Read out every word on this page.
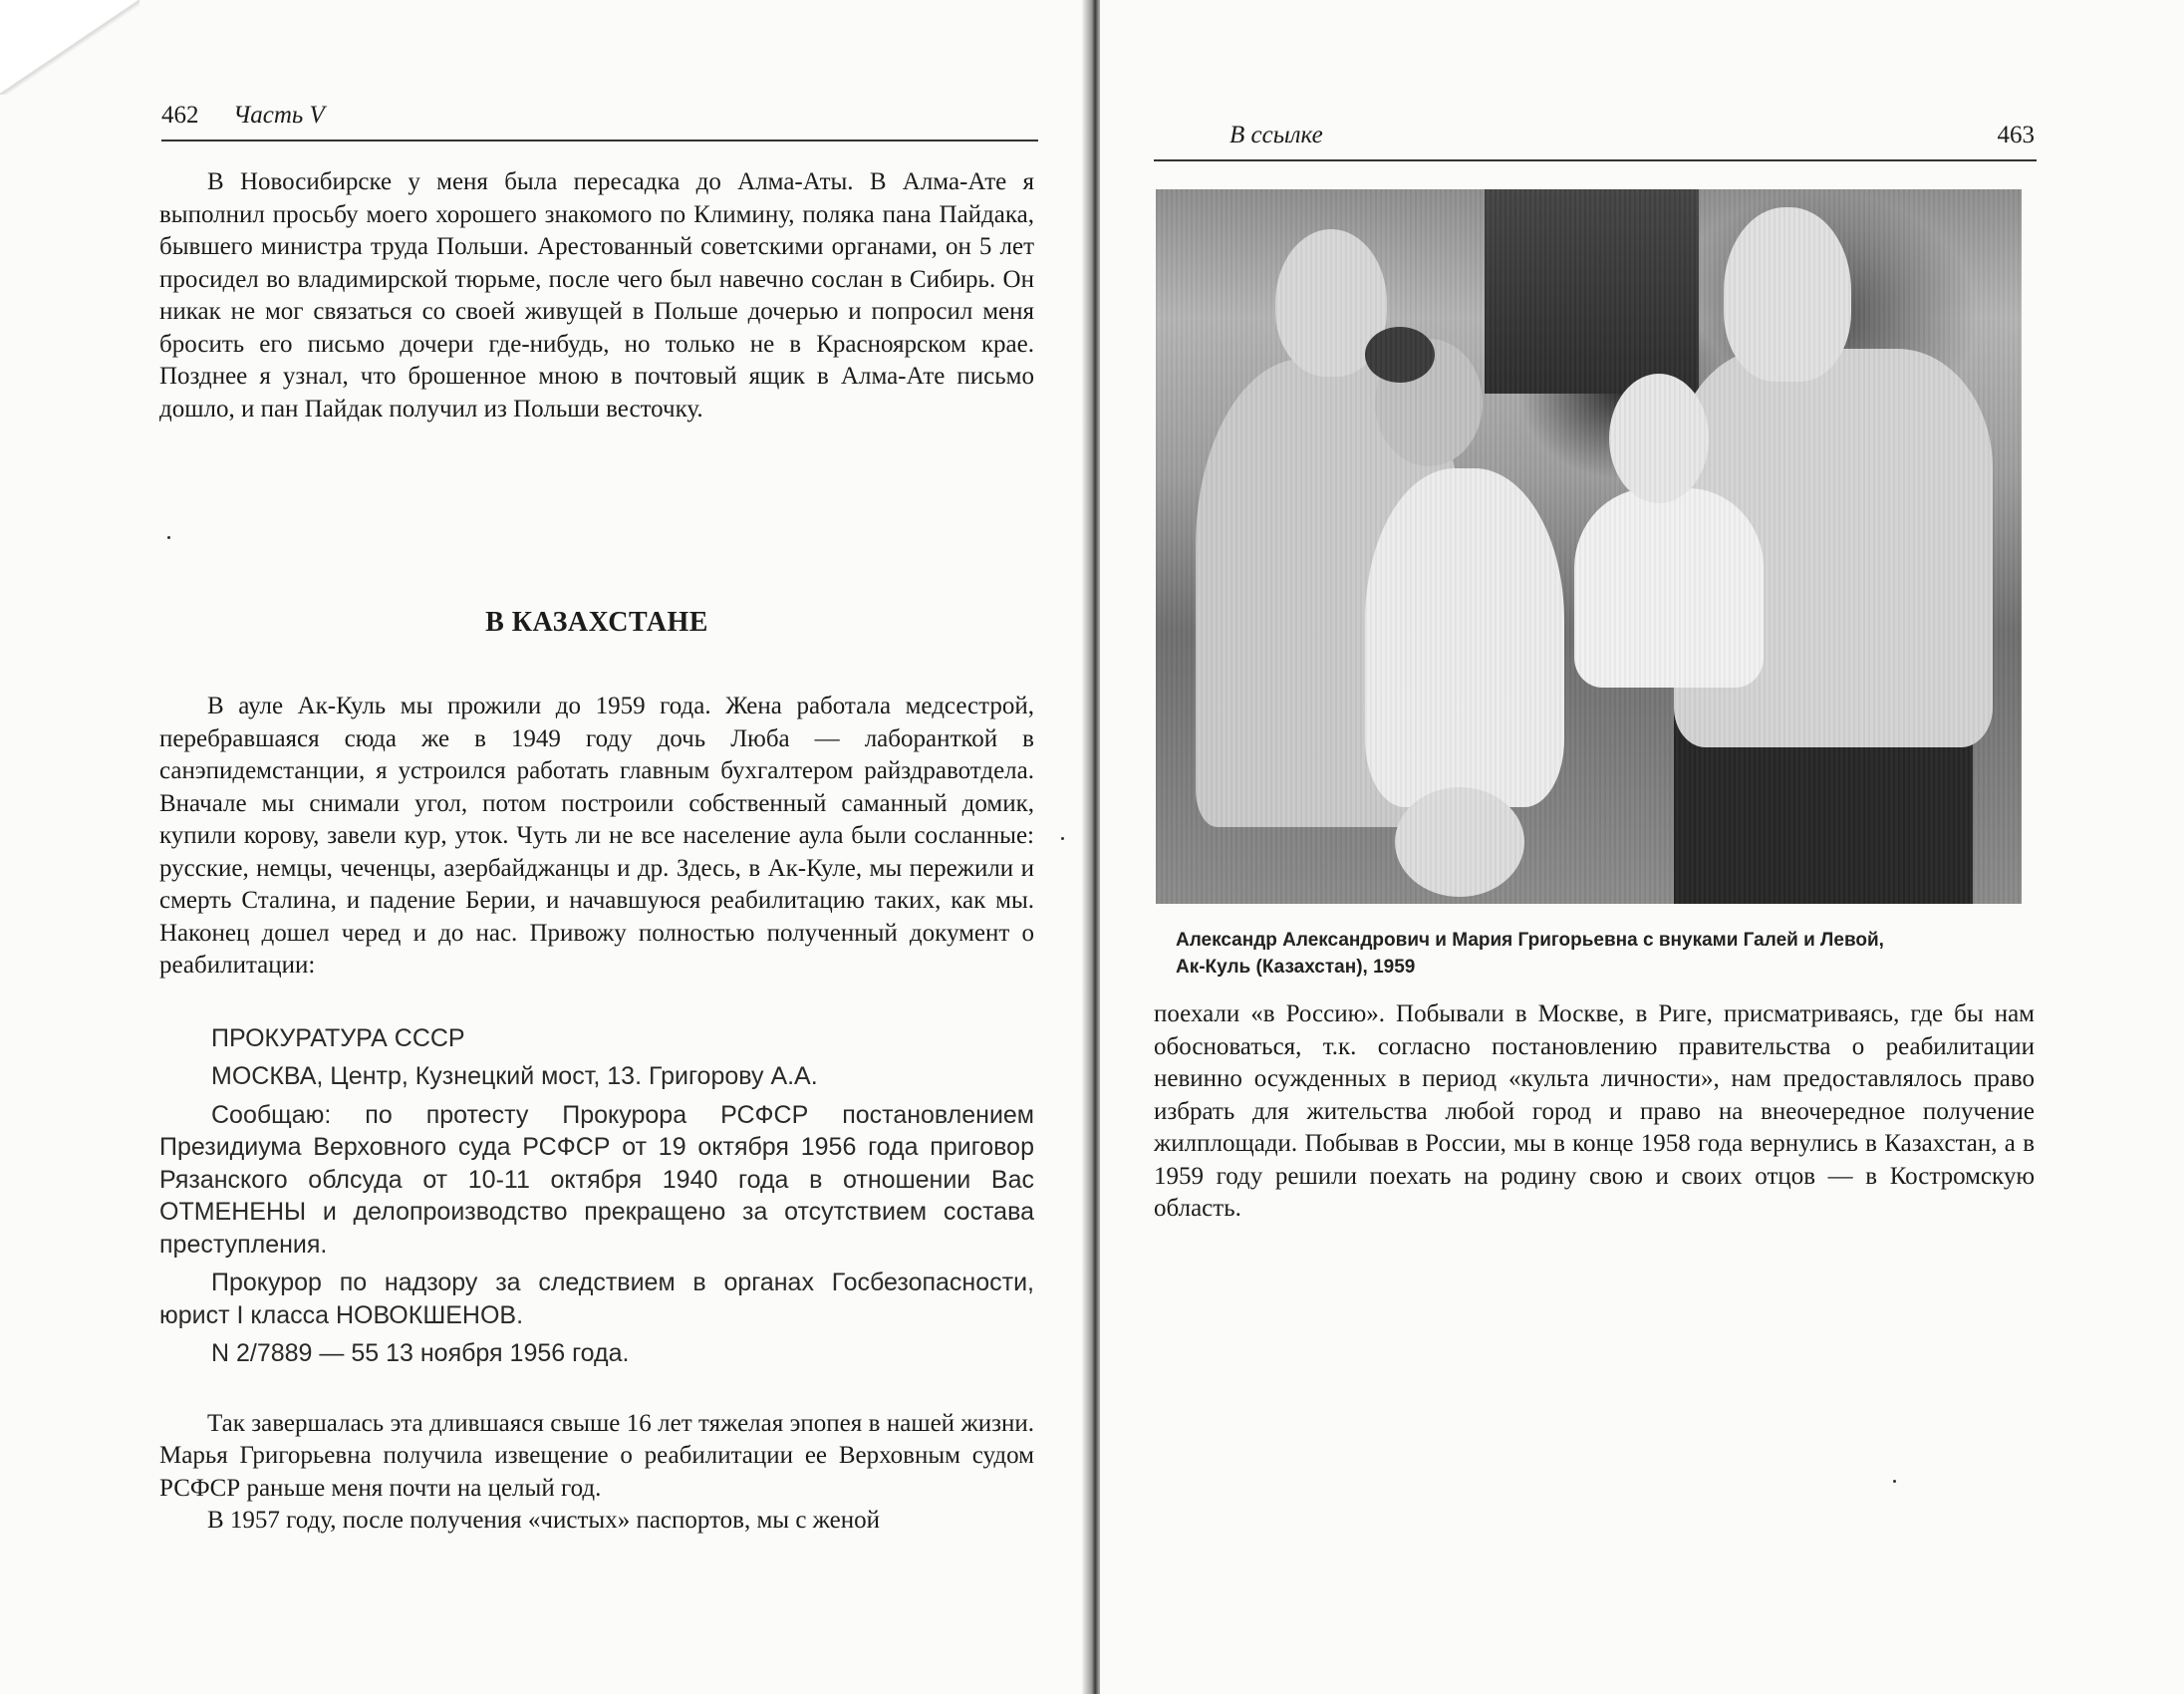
462 Часть V

В Новосибирске у меня была пересадка до Алма-Аты. В Алма-Ате я выполнил просьбу моего хорошего знакомого по Климину, поляка пана Пайдака, бывшего министра труда Польши. Арестованный советскими органами, он 5 лет просидел во владимирской тюрьме, после чего был навечно сослан в Сибирь. Он никак не мог связаться со своей живущей в Польше дочерью и попросил меня бросить его письмо дочери где-нибудь, но только не в Красноярском крае. Позднее я узнал, что брошенное мною в почтовый ящик в Алма-Ате письмо дошло, и пан Пайдак получил из Польши весточку.

В КАЗАХСТАНЕ

В ауле Ак-Куль мы прожили до 1959 года. Жена работала медсестрой, перебравшаяся сюда же в 1949 году дочь Люба — лаборанткой в санэпидемстанции, я устроился работать главным бухгалтером райздравотдела. Вначале мы снимали угол, потом построили собственный саманный домик, купили корову, завели кур, уток. Чуть ли не все население аула были сосланные: русские, немцы, чеченцы, азербайджанцы и др. Здесь, в Ак-Куле, мы пережили и смерть Сталина, и падение Берии, и начавшуюся реабилитацию таких, как мы. Наконец дошел черед и до нас. Привожу полностью полученный документ о реабилитации:

ПРОКУРАТУРА СССР

МОСКВА, Центр, Кузнецкий мост, 13. Григорову А.А.

Сообщаю: по протесту Прокурора РСФСР постановлением Президиума Верховного суда РСФСР от 19 октября 1956 года приговор Рязанского облсуда от 10-11 октября 1940 года в отношении Вас ОТМЕНЕНЫ и делопроизводство прекращено за отсутствием состава преступления.

Прокурор по надзору за следствием в органах Госбезопасности, юрист I класса НОВОКШЕНОВ.

N 2/7889 — 55 13 ноября 1956 года.

Так завершалась эта длившаяся свыше 16 лет тяжелая эпопея в нашей жизни. Марья Григорьевна получила извещение о реабилитации ее Верховным судом РСФСР раньше меня почти на целый год.

В 1957 году, после получения «чистых» паспортов, мы с женой

В ссылке	463
Александр Александрович и Мария Григорьевна с внуками Галей и Левой,
Ак-Куль (Казахстан), 1959

поехали «в Россию». Побывали в Москве, в Риге, присматриваясь, где бы нам обосноваться, т.к. согласно постановлению правительства о реабилитации невинно осужденных в период «культа личности», нам предоставлялось право избрать для жительства любой город и право на внеочередное получение жилплощади. Побывав в России, мы в конце 1958 года вернулись в Казахстан, а в 1959 году решили поехать на родину свою и своих отцов — в Костромскую область.
